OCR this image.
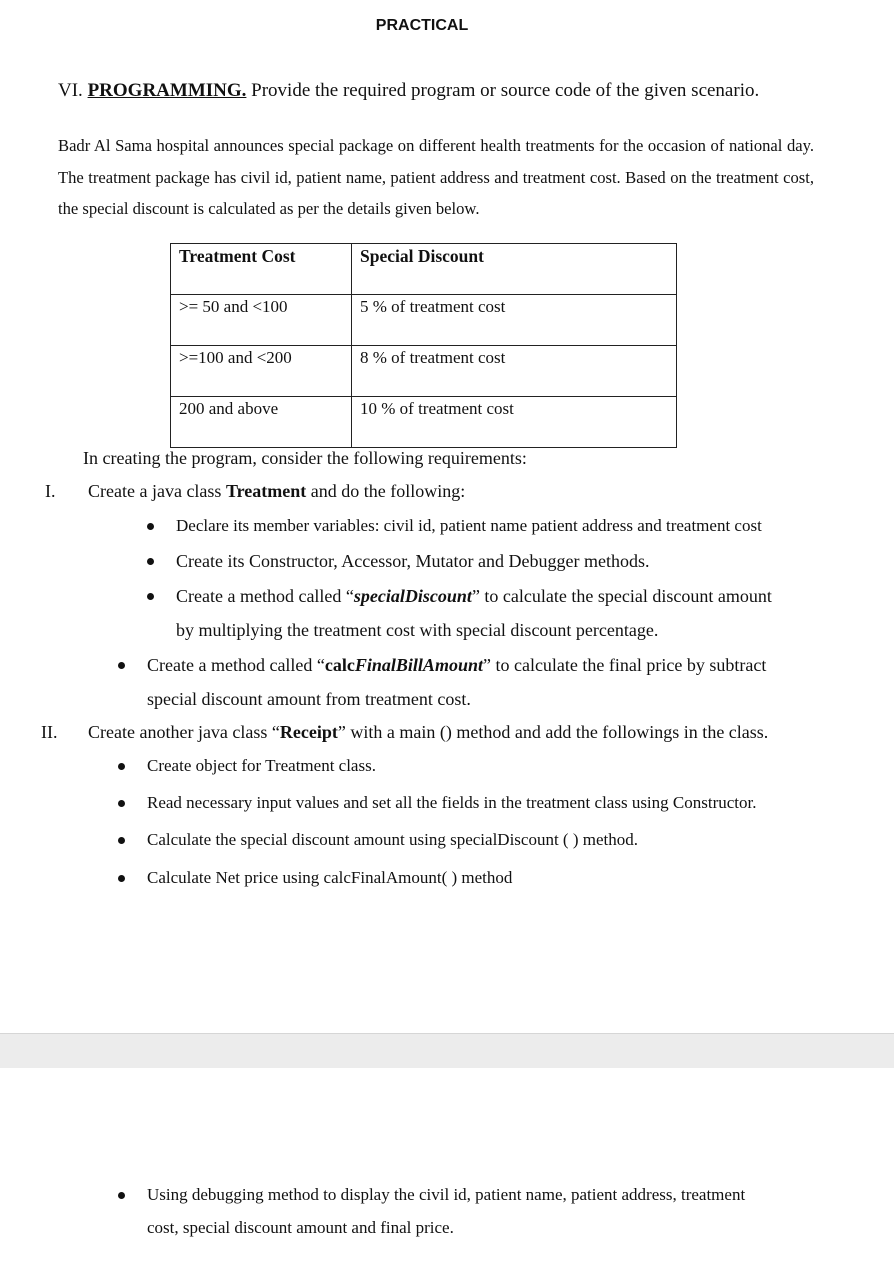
PRACTICAL
VI. PROGRAMMING. Provide the required program or source code of the given scenario.
Badr Al Sama hospital announces special package on different health treatments for the occasion of national day. The treatment package has civil id, patient name, patient address and treatment cost. Based on the treatment cost, the special discount is calculated as per the details given below.
Treatment Cost	Special Discount
>= 50 and <100	5 % of treatment cost
>=100 and <200	8 % of treatment cost
200 and above	10 % of treatment cost
In creating the program, consider the following requirements:
I. Create a java class Treatment and do the following:
Declare its member variables: civil id, patient name patient address and treatment cost
Create its Constructor, Accessor, Mutator and Debugger methods.
Create a method called “specialDiscount” to calculate the special discount amount
by multiplying the treatment cost with special discount percentage.
Create a method called “calcFinalBillAmount” to calculate the final price by subtract
special discount amount from treatment cost.
II. Create another java class “Receipt” with a main () method and add the followings in the class.
Create object for Treatment class.
Read necessary input values and set all the fields in the treatment class using Constructor.
Calculate the special discount amount using specialDiscount ( ) method.
Calculate Net price using calcFinalAmount( ) method
Using debugging method to display the civil id, patient name, patient address, treatment
cost, special discount amount and final price.
